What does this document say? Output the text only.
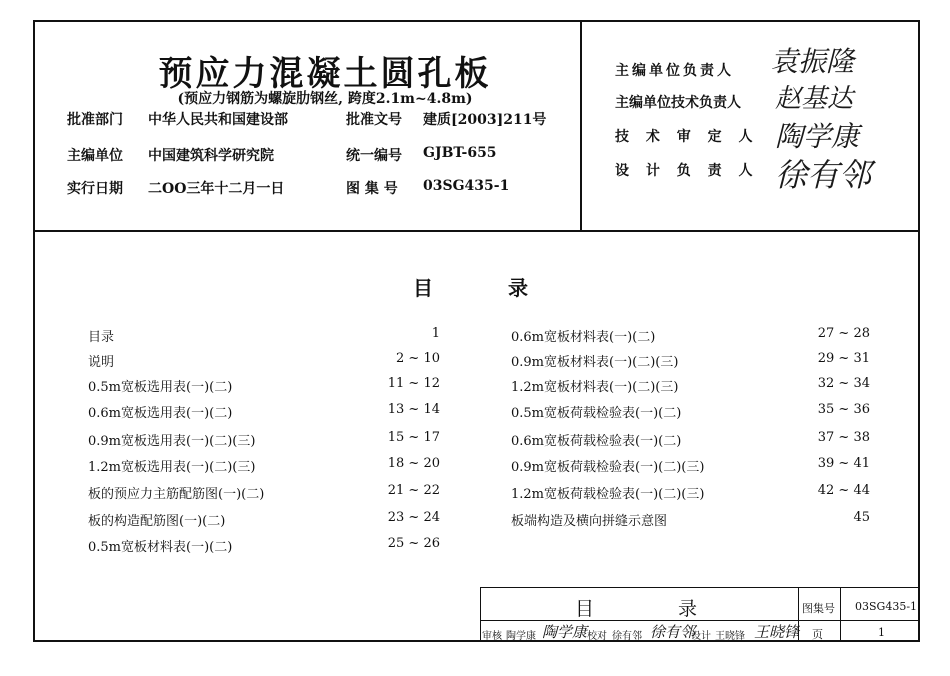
预应力混凝土圆孔板
(预应力钢筋为螺旋肋钢丝, 跨度2.1m~4.8m)
批准部门 中华人民共和国建设部	批准文号 建质[2003]211号
主编单位 中国建筑科学研究院	统一编号 GJBT-655
实行日期 二OO三年十二月一日	图 集 号 03SG435-1
目	录
主编单位负责人 袁振隆
主编单位技术负责人 赵基达
技 术 审 定 人 陶学康
设 计 负 责 人 徐有邻
目录	1
说明	2 ~ 10
0.5m宽板选用表(一)(二)	11 ~ 12
0.6m宽板选用表(一)(二)	13 ~ 14
0.9m宽板选用表(一)(二)(三)	15 ~ 17
1.2m宽板选用表(一)(二)(三)	18 ~ 20
板的预应力主筋配筋图(一)(二)	21 ~ 22
板的构造配筋图(一)(二)	23 ~ 24
0.5m宽板材料表(一)(二)	25 ~ 26
0.6m宽板材料表(一)(二)	27 ~ 28
0.9m宽板材料表(一)(二)(三)	29 ~ 31
1.2m宽板材料表(一)(二)(三)	32 ~ 34
0.5m宽板荷载检验表(一)(二)	35 ~ 36
0.6m宽板荷载检验表(一)(二)	37 ~ 38
0.9m宽板荷载检验表(一)(二)(三)	39 ~ 41
1.2m宽板荷载检验表(一)(二)(三)	42 ~ 44
板端构造及横向拼缝示意图	45
目	录	图集号 03SG435-1
页	1
审核 陶学康 陶学康 校对 徐有邻 徐有邻
设计 王晓锋 王晓锋
